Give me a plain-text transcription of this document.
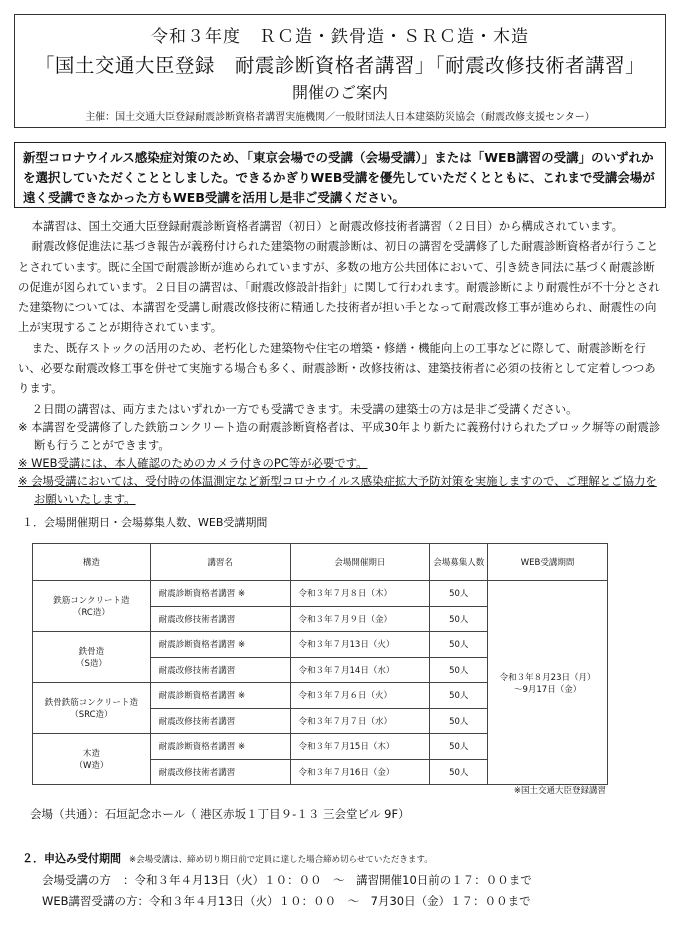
令和３年度　ＲＣ造・鉄骨造・ＳＲＣ造・木造
「国土交通大臣登録　耐震診断資格者講習」「耐震改修技術者講習」
開催のご案内
主催：国土交通大臣登録耐震診断資格者講習実施機関／一般財団法人日本建築防災協会（耐震改修支援センター）
新型コロナウイルス感染症対策のため、「東京会場での受講（会場受講）」または「WEB講習の受講」のいずれかを選択していただくこととしました。できるかぎりWEB受講を優先していただくとともに、これまで受講会場が遠く受講できなかった方もWEB受講を活用し是非ご受講ください。

本講習は、国土交通大臣登録耐震診断資格者講習（初日）と耐震改修技術者講習（２日目）から構成されています。

耐震改修促進法に基づき報告が義務付けられた建築物の耐震診断は、初日の講習を受講修了した耐震診断資格者が行うこととされています。既に全国で耐震診断が進められていますが、多数の地方公共団体において、引き続き同法に基づく耐震診断の促進が図られています。２日目の講習は、「耐震改修設計指針」に関して行われます。耐震診断により耐震性が不十分とされた建築物については、本講習を受講し耐震改修技術に精通した技術者が担い手となって耐震改修工事が進められ、耐震性の向上が実現することが期待されています。

また、既存ストックの活用のため、老朽化した建築物や住宅の増築・修繕・機能向上の工事などに際して、耐震診断を行い、必要な耐震改修工事を併せて実施する場合も多く、耐震診断・改修技術は、建築技術者に必須の技術として定着しつつあります。

２日間の講習は、両方またはいずれか一方でも受講できます。未受講の建築士の方は是非ご受講ください。

※ 本講習を受講修了した鉄筋コンクリート造の耐震診断資格者は、平成30年より新たに義務付けられたブロック塀等の耐震診断も行うことができます。
※ WEB受講には、本人確認のためのカメラ付きのPC等が必要です。
※ 会場受講においては、受付時の体温測定など新型コロナウイルス感染症拡大予防対策を実施しますので、ご理解とご協力をお願いいたします。
１．会場開催期日・会場募集人数、WEB受講期間
構造	講習名	会場開催期日	会場募集人数	WEB受講期間
鉄筋コンクリート造
（RC造）	耐震診断資格者講習 ※	令和３年７月８日（木）	50人	令和３年８月23日（月）
～9月17日（金）
	耐震改修技術者講習	令和３年７月９日（金）	50人	
鉄骨造
（S造）	耐震診断資格者講習 ※	令和３年７月13日（火）	50人	
	耐震改修技術者講習	令和３年７月14日（水）	50人	
鉄骨鉄筋コンクリート造
（SRC造）	耐震診断資格者講習 ※	令和３年７月６日（火）	50人	
	耐震改修技術者講習	令和３年７月７日（水）	50人	
木造
（W造）	耐震診断資格者講習 ※	令和３年７月15日（木）	50人	
	耐震改修技術者講習	令和３年７月16日（金）	50人	
※国土交通大臣登録講習
会場（共通）：石垣記念ホール（ 港区赤坂１丁目９-１３ 三会堂ビル 9F）
２．申込み受付期間 ※会場受講は、締め切り期日前で定員に達した場合締め切らせていただきます。
会場受講の方 ：令和３年４月13日（火）１０：００　～　講習開催10日前の１７：００まで
WEB講習受講の方：令和３年４月13日（火）１０：００　～　7月30日（金）１７：００まで
